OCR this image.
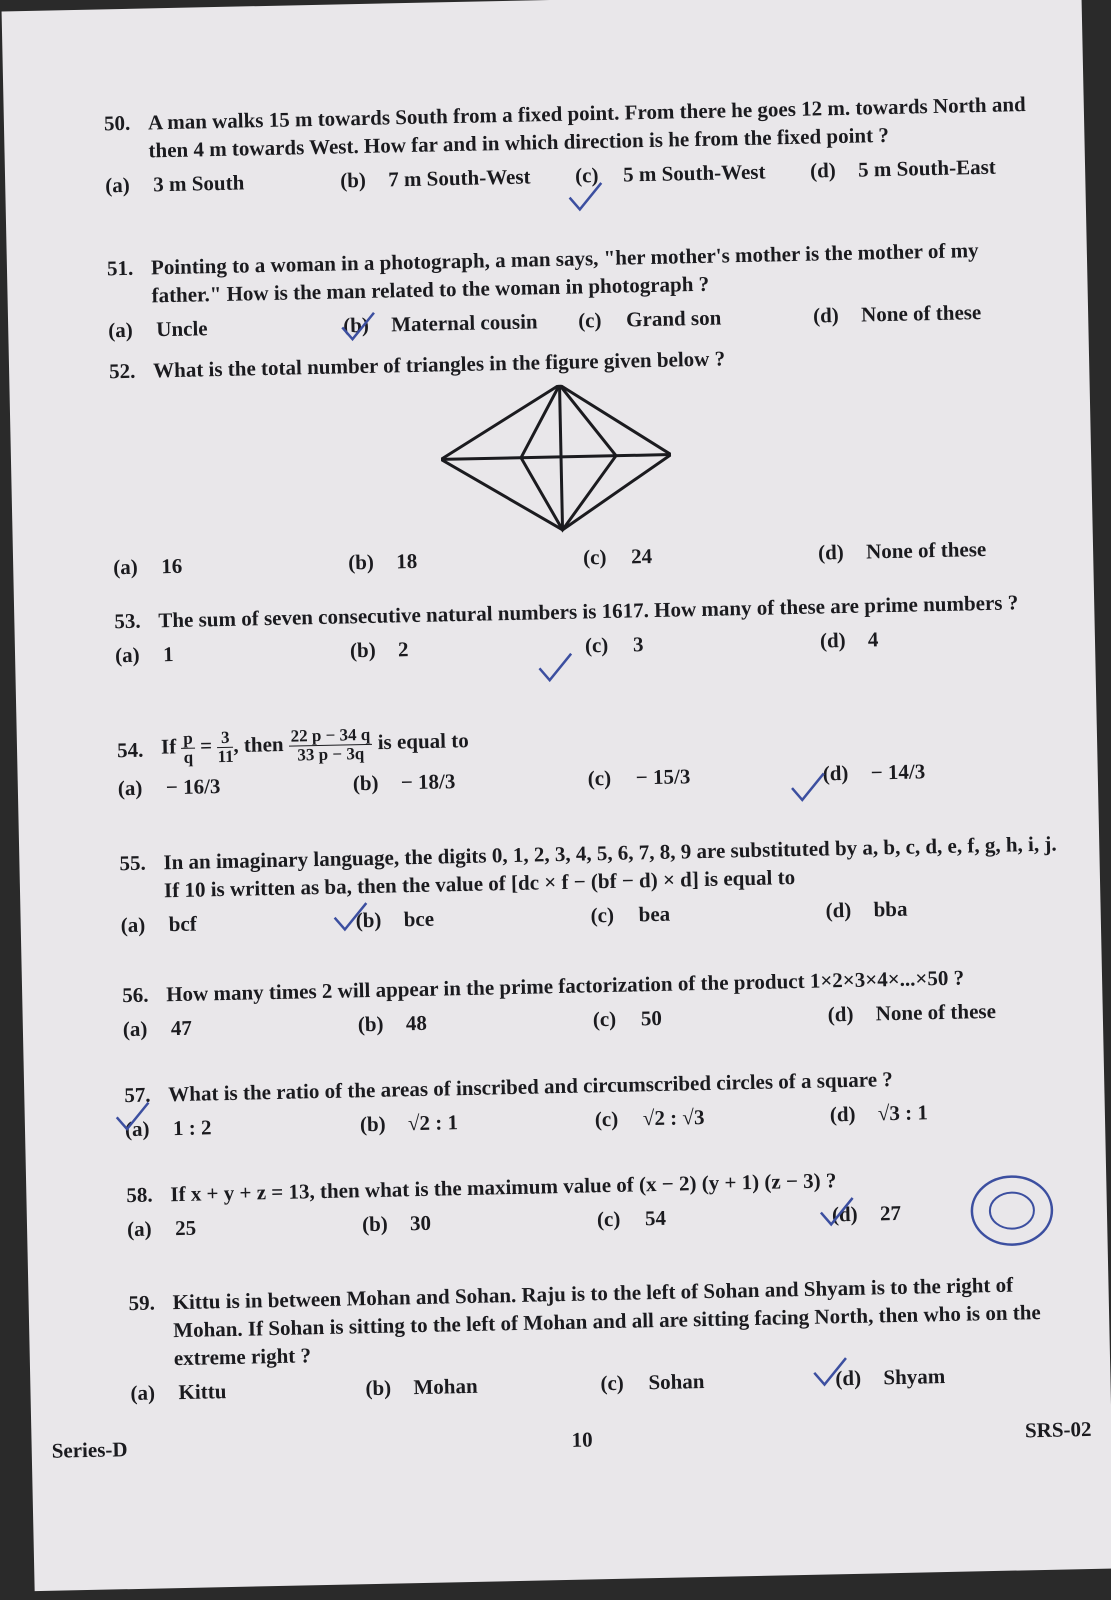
50. A man walks 15 m towards South from a fixed point. From there he goes 12 m. towards North and then 4 m towards West. How far and in which direction is he from the fixed point ?
(a)	3 m South	(b)	7 m South-West (c)	5 m South-West (d)	5 m South-East
51. Pointing to a woman in a photograph, a man says, "her mother's mother is the mother of my father." How is the man related to the woman in photograph ?
(a)	Uncle	(b)	Maternal cousin (c)	Grand son	(d)	None of these
52. What is the total number of triangles in the figure given below ?
(a)	16	(b)	18	(c)	24	(d)	None of these
53. The sum of seven consecutive natural numbers is 1617. How many of these are prime numbers ?
(a)	1	(b)	2	(c)	3	(d)	4
54. If $\frac{p}{q} = \frac{3}{11}$ , then $\frac{22 p - 34 q}{33 p - 3q}$ is equal to
(a)	− 16/3	(b)	− 18/3	(c)	− 15/3	(d)	− 14/3
55. In an imaginary language, the digits 0, 1, 2, 3, 4, 5, 6, 7, 8, 9 are substituted by a, b, c, d, e, f, g, h, i, j. If 10 is written as ba, then the value of [dc × f − (bf − d) × d] is equal to
(a)	bcf	(b)	bce	(c)	bea	(d)	bba
56. How many times 2 will appear in the prime factorization of the product 1×2×3×4×...×50 ?
(a)	47	(b)	48	(c)	50	(d)	None of these
57. What is the ratio of the areas of inscribed and circumscribed circles of a square ?
(a)	1 : 2	(b)	√2 : 1	(c)	√2 : √3	(d)	√3 : 1
58. If x + y + z = 13, then what is the maximum value of (x − 2) (y + 1) (z − 3) ?
(a)	25	(b)	30	(c)	54	(d)	27
59. Kittu is in between Mohan and Sohan. Raju is to the left of Sohan and Shyam is to the right of Mohan. If Sohan is sitting to the left of Mohan and all are sitting facing North, then who is on the extreme right ?
(a)	Kittu	(b)	Mohan	(c)	Sohan	(d)	Shyam
Series-D	10	SRS-02
